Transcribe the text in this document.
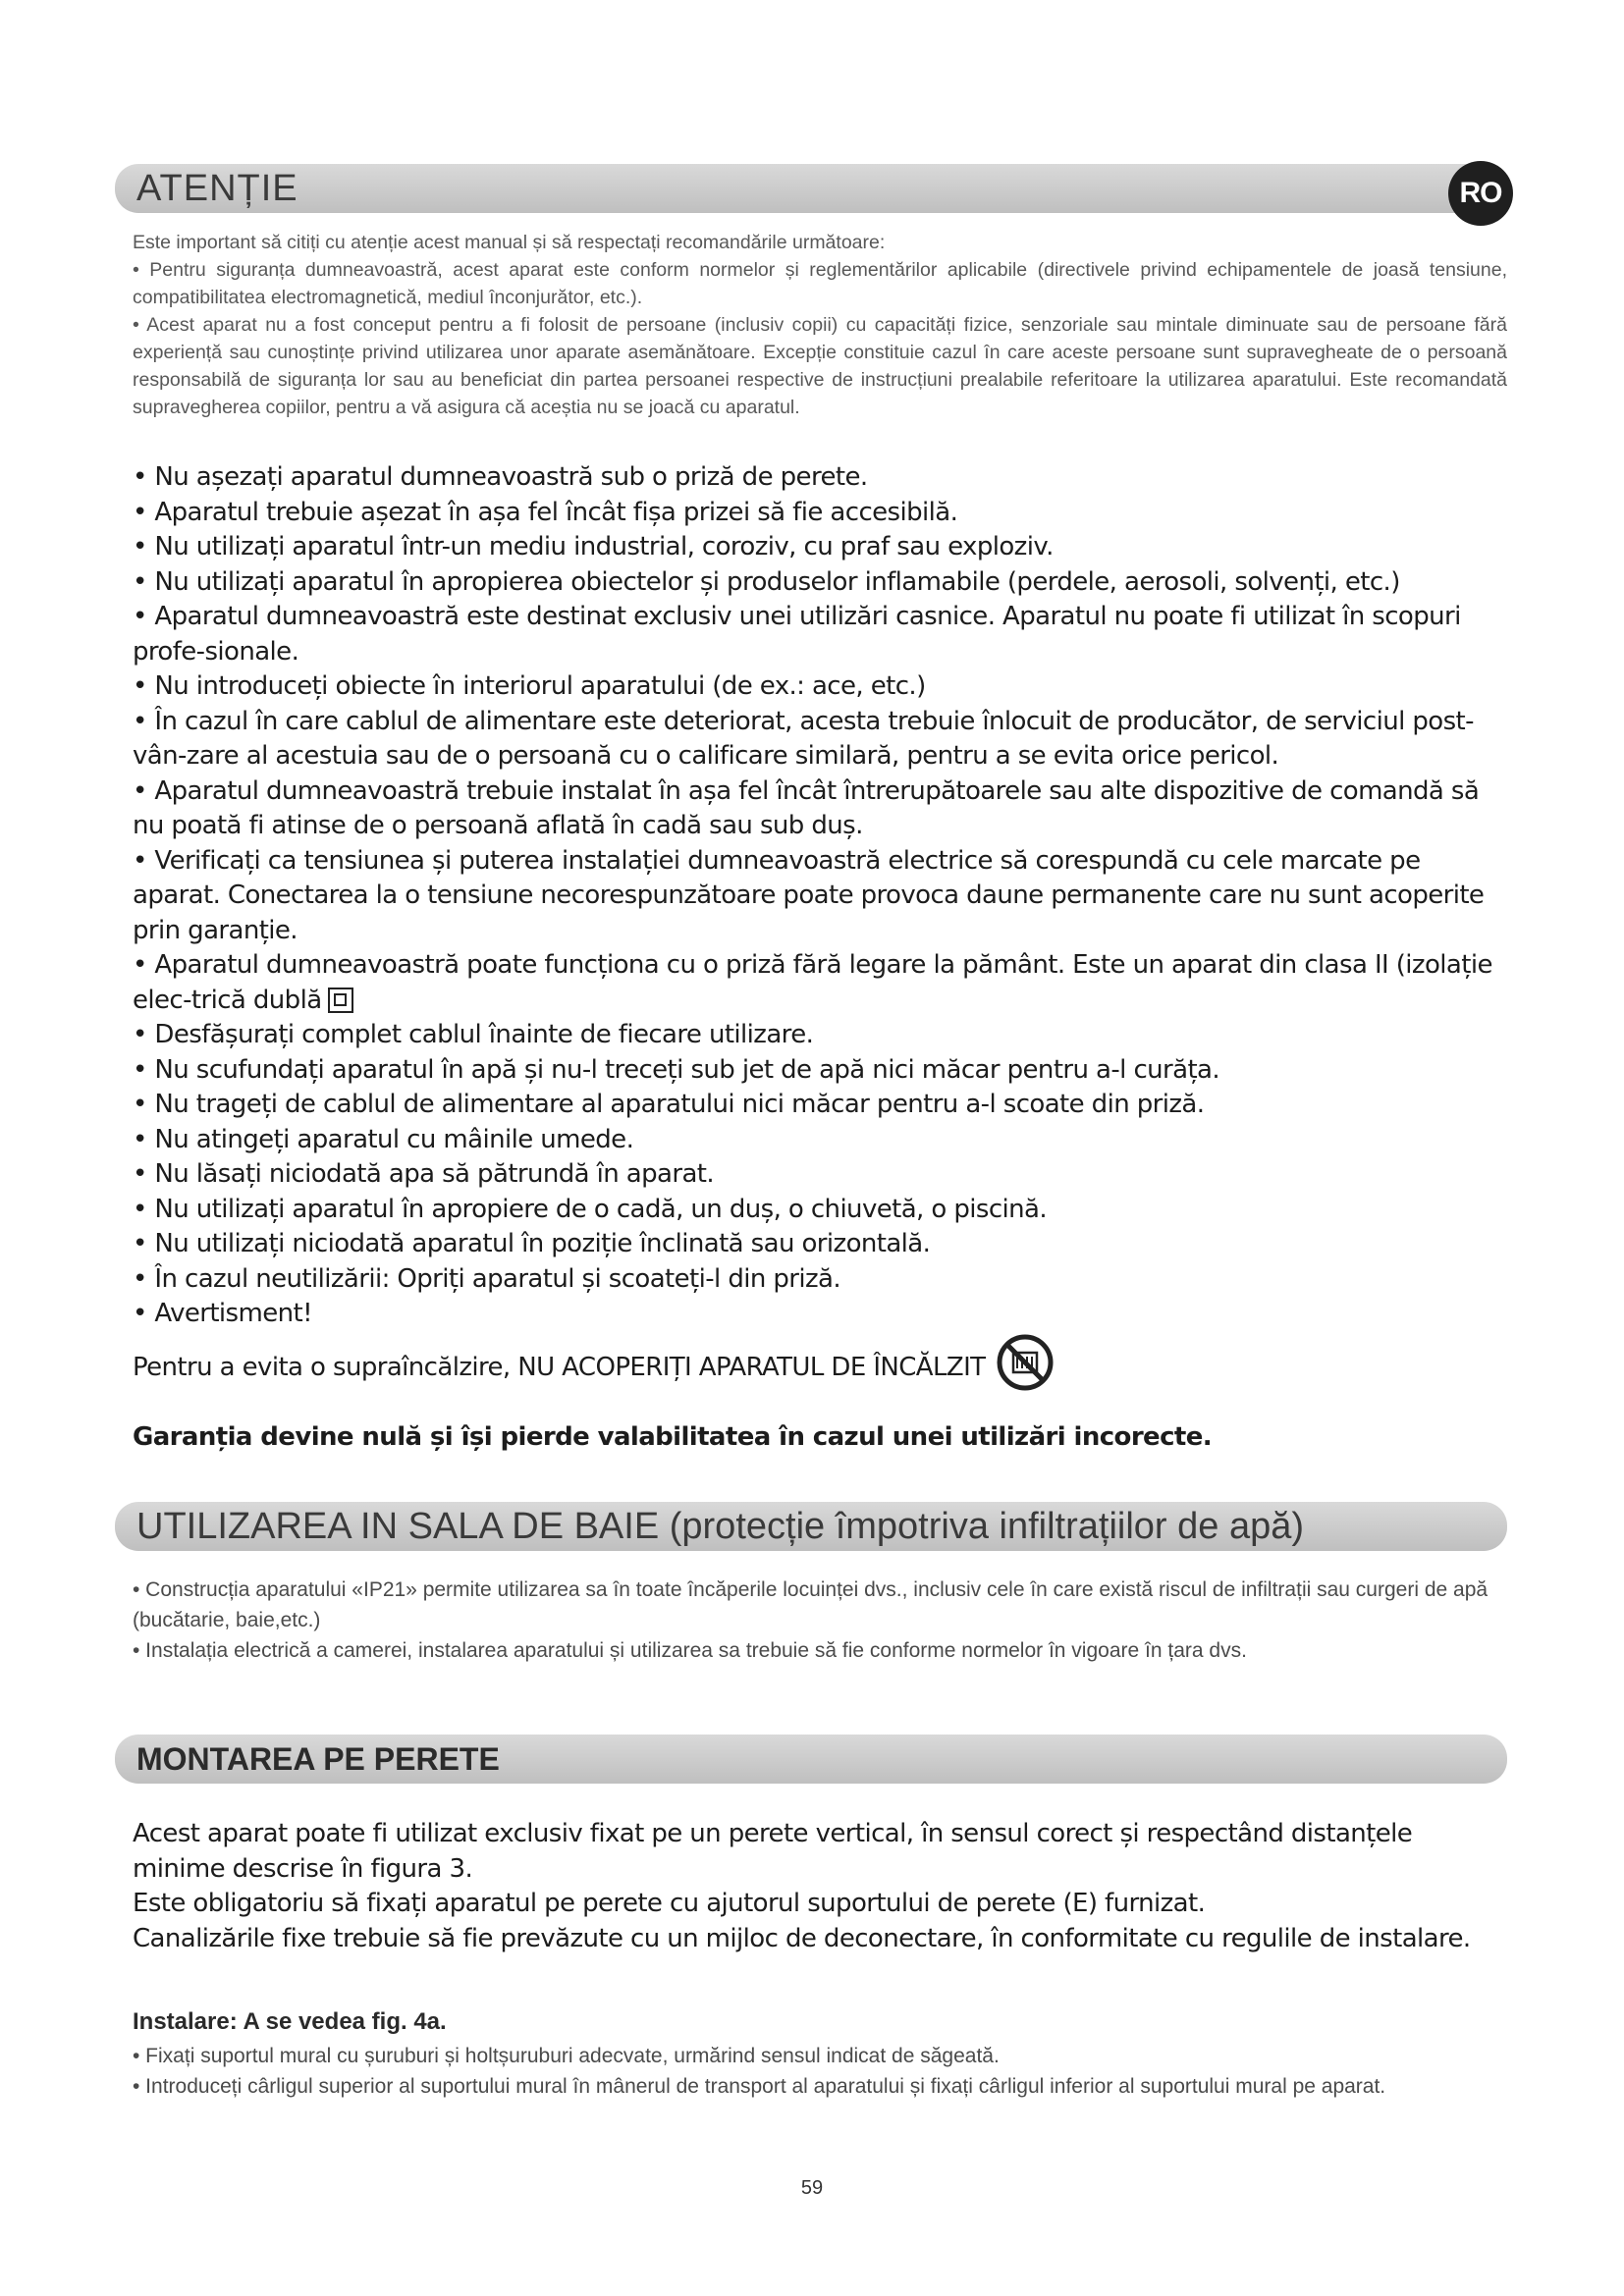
ATENȚIE	RO

Este important să citiți cu atenție acest manual și să respectați recomandările următoare:

• Pentru siguranța dumneavoastră, acest aparat este conform normelor și reglementărilor aplicabile (directivele privind echipamentele de joasă tensiune, compatibilitatea electromagnetică, mediul înconjurător, etc.).

• Acest aparat nu a fost conceput pentru a fi folosit de persoane (inclusiv copii) cu capacități fizice, senzoriale sau mintale diminuate sau de persoane fără experiență sau cunoștințe privind utilizarea unor aparate asemănătoare. Excepție constituie cazul în care aceste persoane sunt supravegheate de o persoană responsabilă de siguranța lor sau au beneficiat din partea persoanei respective de instrucțiuni prealabile referitoare la utilizarea aparatului. Este recomandată supravegherea copiilor, pentru a vă asigura că aceștia nu se joacă cu aparatul.

• Nu așezați aparatul dumneavoastră sub o priză de perete.

• Aparatul trebuie așezat în așa fel încât fișa prizei să fie accesibilă.

• Nu utilizați aparatul într-un mediu industrial, coroziv, cu praf sau exploziv.

• Nu utilizați aparatul în apropierea obiectelor și produselor inflamabile (perdele, aerosoli, solvenți, etc.)

• Aparatul dumneavoastră este destinat exclusiv unei utilizări casnice. Aparatul nu poate fi utilizat în scopuri profe-sionale.

• Nu introduceți obiecte în interiorul aparatului (de ex.: ace, etc.)

• În cazul în care cablul de alimentare este deteriorat, acesta trebuie înlocuit de producător, de serviciul post-vân-zare al acestuia sau de o persoană cu o calificare similară, pentru a se evita orice pericol.

• Aparatul dumneavoastră trebuie instalat în așa fel încât întrerupătoarele sau alte dispozitive de comandă să nu poată fi atinse de o persoană aflată în cadă sau sub duș.

• Verificați ca tensiunea și puterea instalației dumneavoastră electrice să corespundă cu cele marcate pe aparat. Conectarea la o tensiune necorespunzătoare poate provoca daune permanente care nu sunt acoperite prin garanție.

• Aparatul dumneavoastră poate funcționa cu o priză fără legare la pământ. Este un aparat din clasa II (izolație elec-trică dublă

• Desfășurați complet cablul înainte de fiecare utilizare.

• Nu scufundați aparatul în apă și nu-l treceți sub jet de apă nici măcar pentru a-l curăța.

• Nu trageți de cablul de alimentare al aparatului nici măcar pentru a-l scoate din priză.

• Nu atingeți aparatul cu mâinile umede.

• Nu lăsați niciodată apa să pătrundă în aparat.

• Nu utilizați aparatul în apropiere de o cadă, un duș, o chiuvetă, o piscină.

• Nu utilizați niciodată aparatul în poziție înclinată sau orizontală.

• În cazul neutilizării: Opriți aparatul și scoateți-l din priză.

• Avertisment!

Pentru a evita o supraîncălzire, NU ACOPERIȚI APARATUL DE ÎNCĂLZIT

Garanția devine nulă și își pierde valabilitatea în cazul unei utilizări incorecte.

UTILIZAREA IN SALA DE BAIE (protecție împotriva infiltrațiilor de apă)

• Construcția aparatului «IP21» permite utilizarea sa în toate încăperile locuinței dvs., inclusiv cele în care există riscul de infiltrații sau curgeri de apă (bucătarie, baie,etc.)

• Instalația electrică a camerei, instalarea aparatului și utilizarea sa trebuie să fie conforme normelor în vigoare în țara dvs.

MONTAREA PE PERETE

Acest aparat poate fi utilizat exclusiv fixat pe un perete vertical, în sensul corect și respectând distanțele minime descrise în figura 3.

Este obligatoriu să fixați aparatul pe perete cu ajutorul suportului de perete (E) furnizat.

Canalizările fixe trebuie să fie prevăzute cu un mijloc de deconectare, în conformitate cu regulile de instalare.

Instalare: A se vedea fig. 4a.

• Fixați suportul mural cu șuruburi și holtșuruburi adecvate, urmărind sensul indicat de săgeată.

• Introduceți cârligul superior al suportului mural în mânerul de transport al aparatului și fixați cârligul inferior al suportului mural pe aparat.

59
